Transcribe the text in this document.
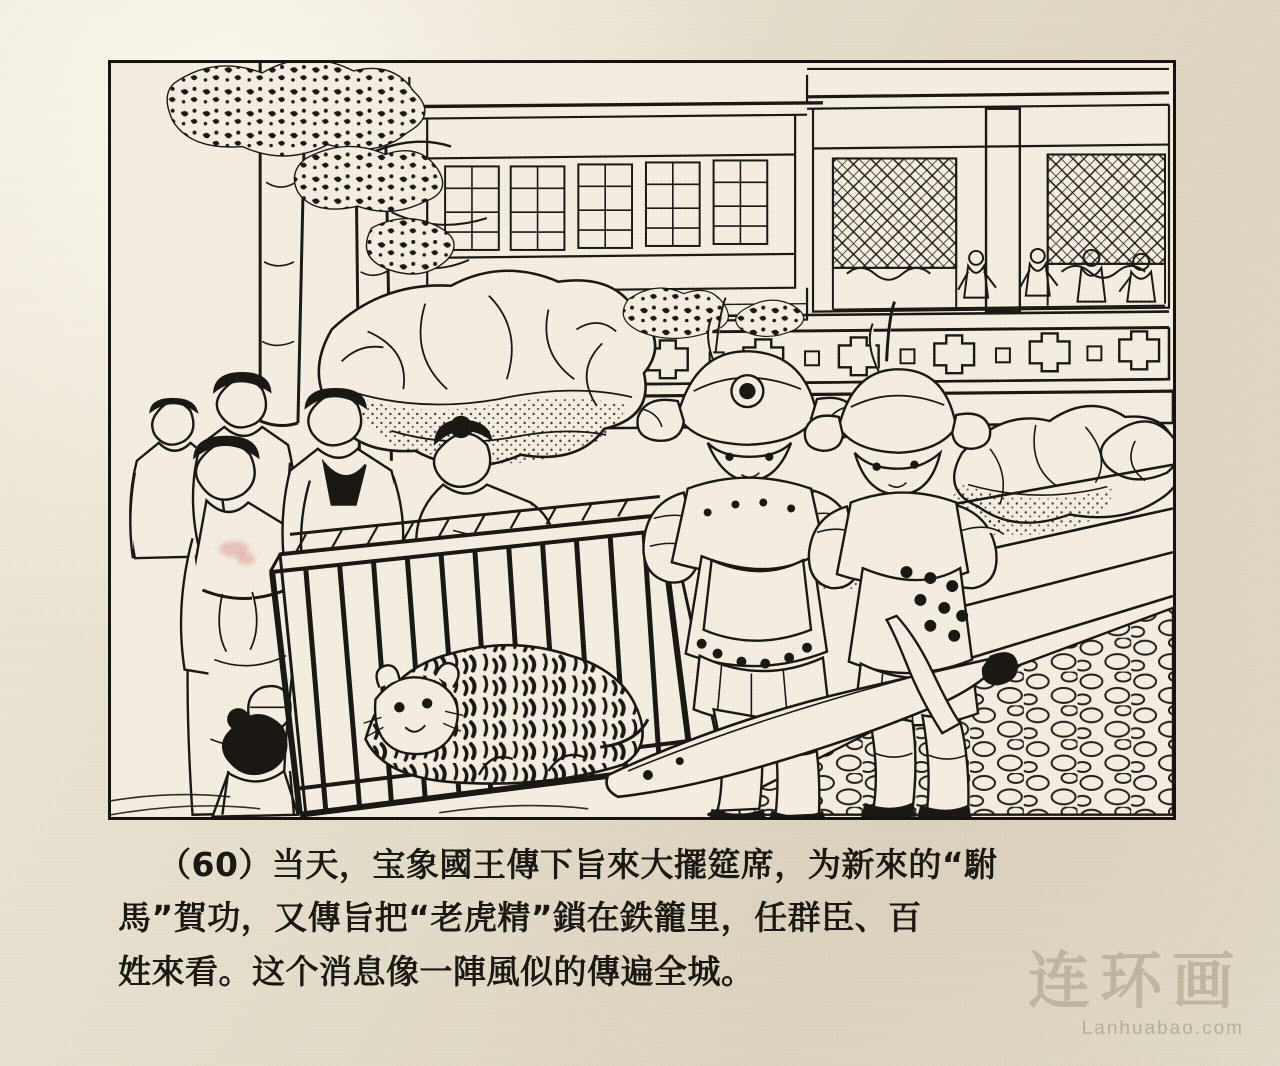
（60）当天，宝象國王傳下旨來大擺筵席，为新來的“駙
馬”賀功，又傳旨把“老虎精”鎖在鉄籠里，任群臣、百
姓來看。这个消息像一陣風似的傳遍全城。	连环画
Lanhuabao.com
